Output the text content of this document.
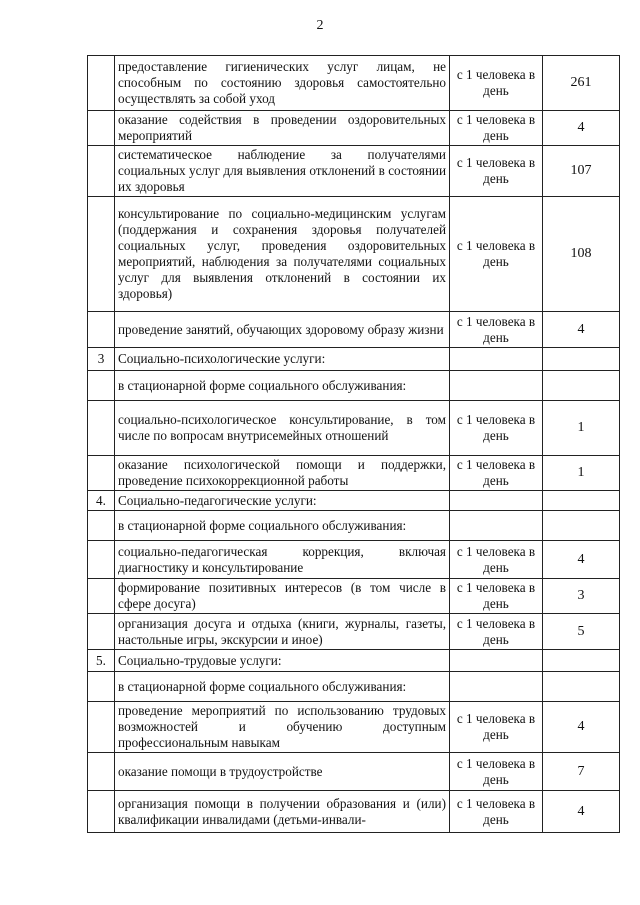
2
	предоставление гигиенических услуг лицам, не способным по состоянию здоровья самостоятельно осуществлять за собой уход	с 1 человека в день	261
	оказание содействия в проведении оздоровительных мероприятий	с 1 человека в день	4
	систематическое наблюдение за получателями социальных услуг для выявления отклонений в состоянии их здоровья	с 1 человека в день	107
	консультирование по социально-медицинским услугам (поддержания и сохранения здоровья получателей социальных услуг, проведения оздоровительных мероприятий, наблюдения за получателями социальных услуг для выявления отклонений в состоянии их здоровья)	с 1 человека в день	108
	проведение занятий, обучающих здоровому образу жизни	с 1 человека в день	4
3	Социально-психологические услуги:		
	в стационарной форме социального обслуживания:		
	социально-психологическое консультирование, в том числе по вопросам внутрисемейных отношений	с 1 человека в день	1
	оказание психологической помощи и поддержки, проведение психокоррекционной работы	с 1 человека в день	1
4.	Социально-педагогические услуги:		
	в стационарной форме социального обслуживания:		
	социально-педагогическая коррекция, включая диагностику и консультирование	с 1 человека в день	4
	формирование позитивных интересов (в том числе в сфере досуга)	с 1 человека в день	3
	организация досуга и отдыха (книги, журналы, газеты, настольные игры, экскурсии и иное)	с 1 человека в день	5
5.	Социально-трудовые услуги:		
	в стационарной форме социального обслуживания:		
	проведение мероприятий по использованию трудовых возможностей и обучению доступным профессиональным навыкам	с 1 человека в день	4
	оказание помощи в трудоустройстве	с 1 человека в день	7
	организация помощи в получении образования и (или) квалификации инвалидами (детьми-инвали-	с 1 человека в день	4
